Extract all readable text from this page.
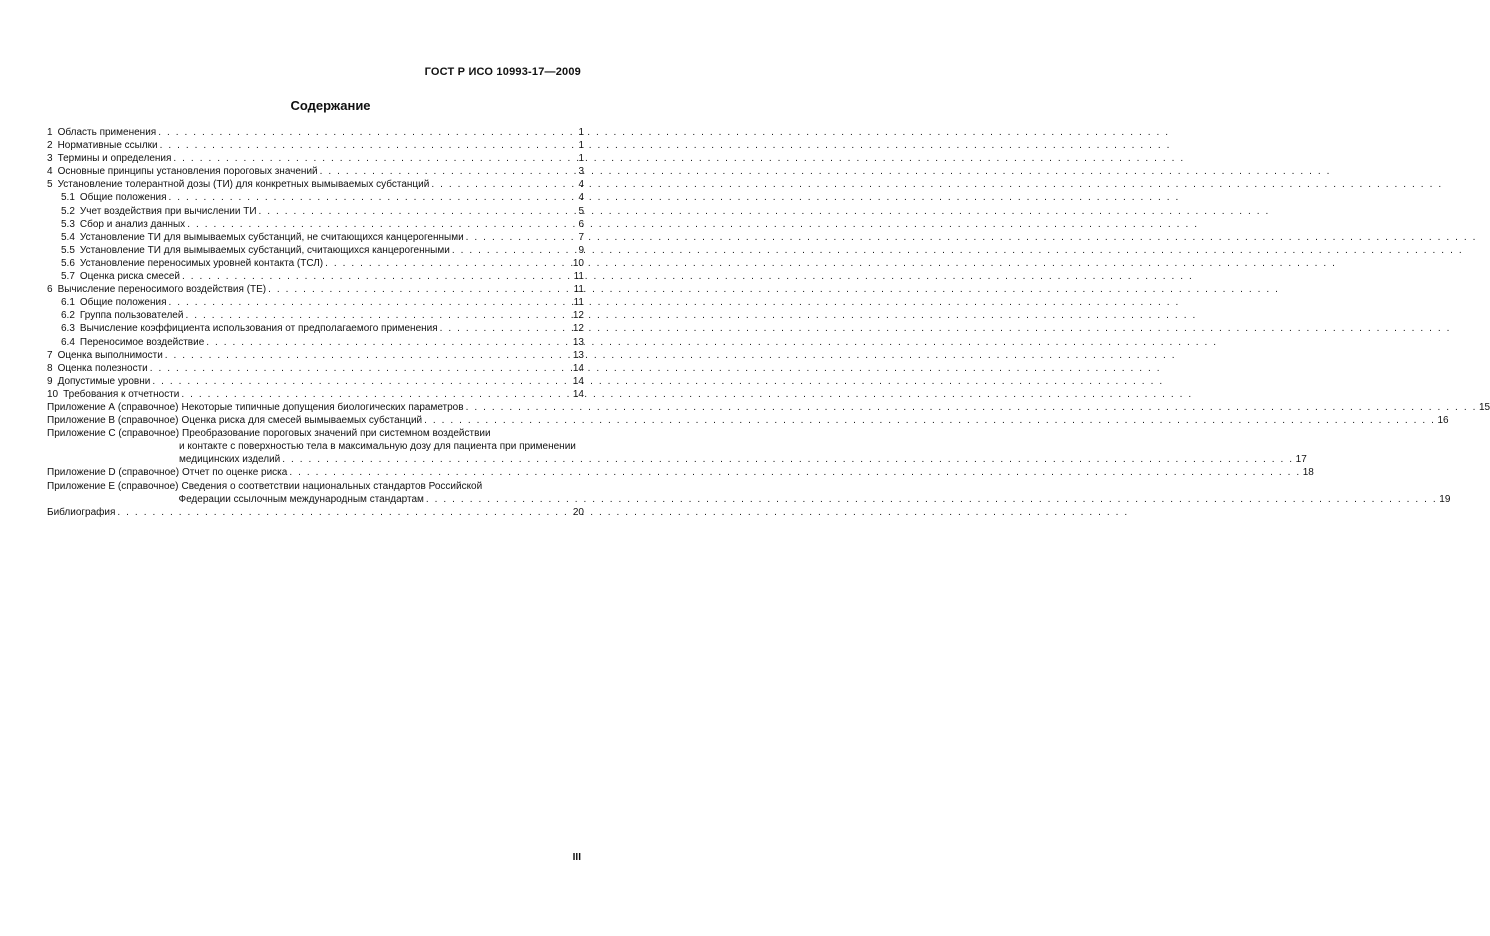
ГОСТ Р ИСО 10993-17—2009
Содержание
1 Область применения . . .	1
2 Нормативные ссылки . . .	1
3 Термины и определения . . .	1
4 Основные принципы установления пороговых значений . . .	3
5 Установление толерантной дозы (ТИ) для конкретных вымываемых субстанций . . .	4
5.1 Общие положения . . .	4
5.2 Учет воздействия при вычислении ТИ . . .	5
5.3 Сбор и анализ данных . . .	6
5.4 Установление ТИ для вымываемых субстанций, не считающихся канцерогенными . . .	7
5.5 Установление ТИ для вымываемых субстанций, считающихся канцерогенными . . .	9
5.6 Установление переносимых уровней контакта (ТСЛ) . . .	10
5.7 Оценка риска смесей . . .	11
6 Вычисление переносимого воздействия (ТЕ) . . .	11
6.1 Общие положения . . .	11
6.2 Группа пользователей . . .	12
6.3 Вычисление коэффициента использования от предполагаемого применения . . .	12
6.4 Переносимое воздействие . . .	13
7 Оценка выполнимости . . .	13
8 Оценка полезности . . .	14
9 Допустимые уровни . . .	14
10 Требования к отчетности . . .	14
Приложение А (справочное) Некоторые типичные допущения биологических параметров . . .	15
Приложение В (справочное) Оценка риска для смесей вымываемых субстанций . . .	16
Приложение С (справочное) Преобразование пороговых значений при системном воздействии
и контакте с поверхностью тела в максимальную дозу для пациента при применении
медицинских изделий . . .	17
Приложение D (справочное) Отчет по оценке риска . . .	18
Приложение Е (справочное) Сведения о соответствии национальных стандартов Российской
Федерации ссылочным международным стандартам . . .	19
Библиография . . .	20
III
